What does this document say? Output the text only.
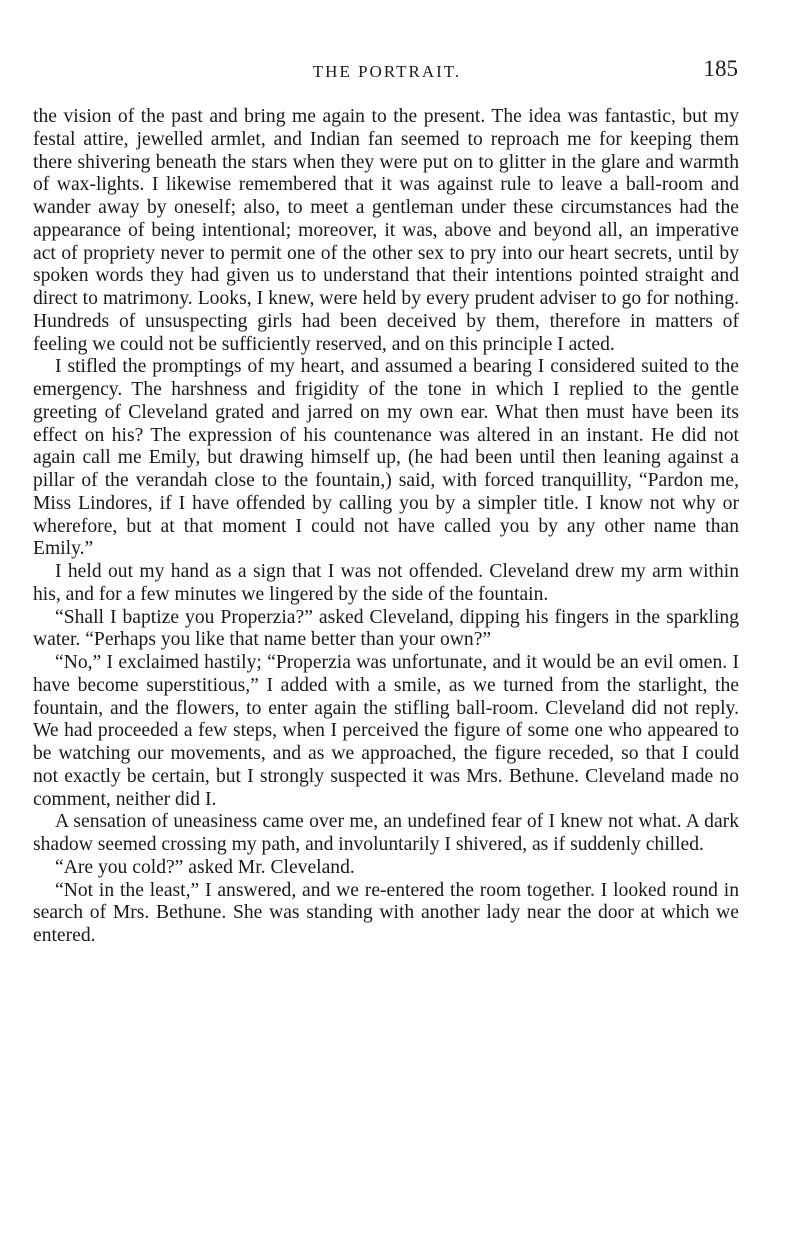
THE PORTRAIT.	185

the vision of the past and bring me again to the present. The idea was fantastic, but my festal attire, jewelled armlet, and Indian fan seemed to reproach me for keeping them there shivering beneath the stars when they were put on to glitter in the glare and warmth of wax-lights. I likewise remembered that it was against rule to leave a ball-room and wander away by oneself; also, to meet a gentleman under these circumstances had the appearance of being intentional; moreover, it was, above and beyond all, an imperative act of propriety never to permit one of the other sex to pry into our heart secrets, until by spoken words they had given us to understand that their intentions pointed straight and direct to matrimony. Looks, I knew, were held by every prudent adviser to go for nothing. Hundreds of unsuspecting girls had been deceived by them, therefore in matters of feeling we could not be sufficiently reserved, and on this principle I acted.

I stifled the promptings of my heart, and assumed a bearing I considered suited to the emergency. The harshness and frigidity of the tone in which I replied to the gentle greeting of Cleveland grated and jarred on my own ear. What then must have been its effect on his? The expression of his countenance was altered in an instant. He did not again call me Emily, but drawing himself up, (he had been until then leaning against a pillar of the verandah close to the fountain,) said, with forced tranquillity, “Pardon me, Miss Lindores, if I have offended by calling you by a simpler title. I know not why or wherefore, but at that moment I could not have called you by any other name than Emily.”

I held out my hand as a sign that I was not offended. Cleveland drew my arm within his, and for a few minutes we lingered by the side of the fountain.

“Shall I baptize you Properzia?” asked Cleveland, dipping his fingers in the sparkling water. “Perhaps you like that name better than your own?”

“No,” I exclaimed hastily; “Properzia was unfortunate, and it would be an evil omen. I have become superstitious,” I added with a smile, as we turned from the starlight, the fountain, and the flowers, to enter again the stifling ball-room. Cleveland did not reply. We had proceeded a few steps, when I perceived the figure of some one who appeared to be watching our movements, and as we approached, the figure receded, so that I could not exactly be certain, but I strongly suspected it was Mrs. Bethune. Cleveland made no comment, neither did I.

A sensation of uneasiness came over me, an undefined fear of I knew not what. A dark shadow seemed crossing my path, and involuntarily I shivered, as if suddenly chilled.

“Are you cold?” asked Mr. Cleveland.

“Not in the least,” I answered, and we re-entered the room together. I looked round in search of Mrs. Bethune. She was standing with another lady near the door at which we entered.
